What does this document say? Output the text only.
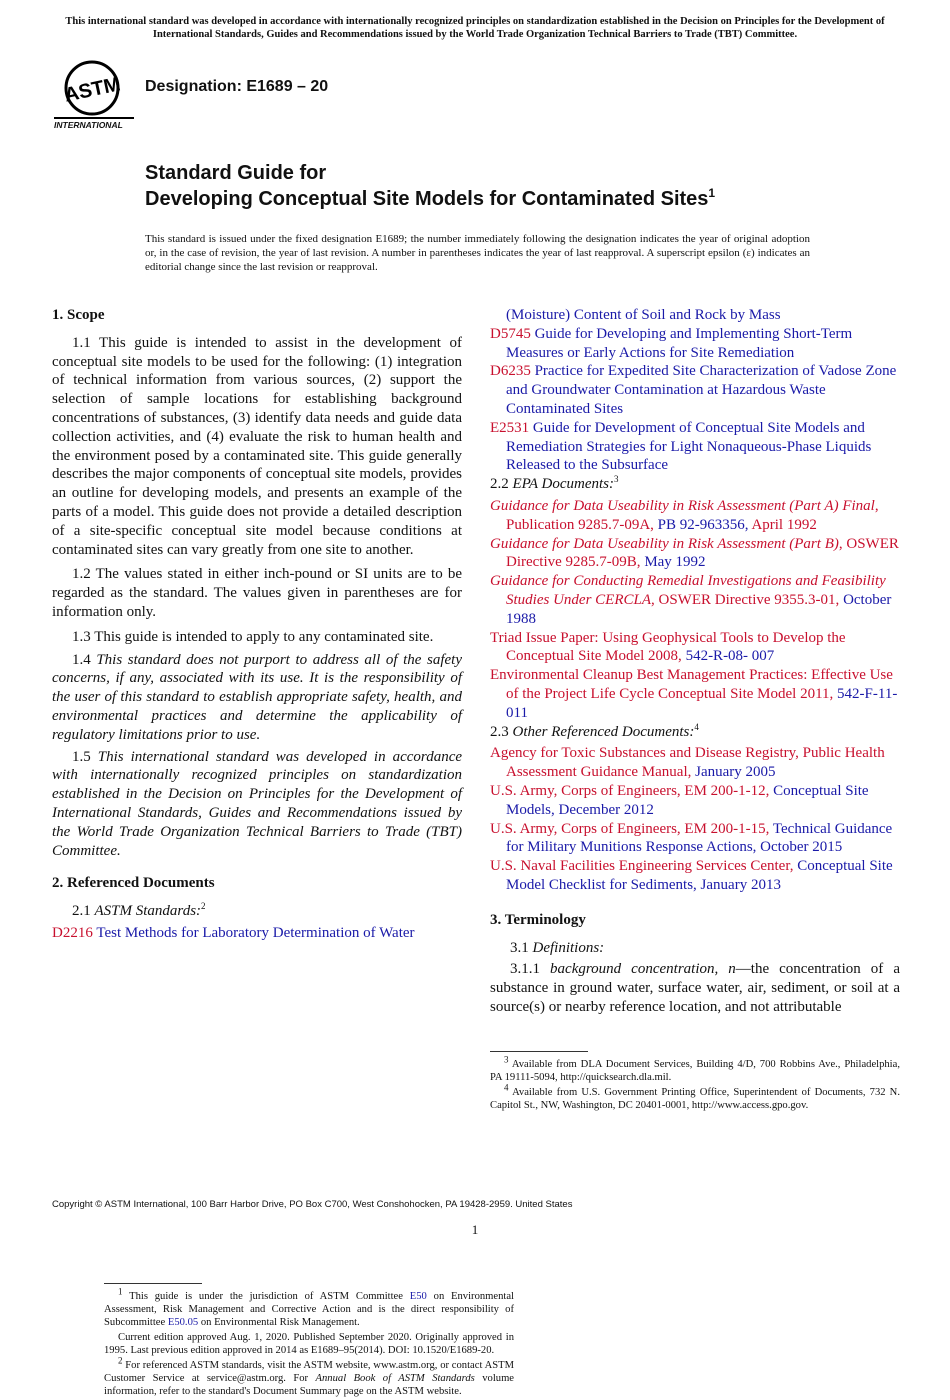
This international standard was developed in accordance with internationally recognized principles on standardization established in the Decision on Principles for the Development of International Standards, Guides and Recommendations issued by the World Trade Organization Technical Barriers to Trade (TBT) Committee.
ASTM
INTERNATIONAL
Designation: E1689 – 20
Standard Guide for
Developing Conceptual Site Models for Contaminated Sites$^1$
This standard is issued under the fixed designation E1689; the number immediately following the designation indicates the year of original adoption or, in the case of revision, the year of last revision. A number in parentheses indicates the year of last reapproval. A superscript epsilon (ε) indicates an editorial change since the last revision or reapproval.
1. Scope
1.1 This guide is intended to assist in the development of conceptual site models to be used for the following: (1) integration of technical information from various sources, (2) support the selection of sample locations for establishing background concentrations of substances, (3) identify data needs and guide data collection activities, and (4) evaluate the risk to human health and the environment posed by a contaminated site. This guide generally describes the major components of conceptual site models, provides an outline for developing models, and presents an example of the parts of a model. This guide does not provide a detailed description of a site-specific conceptual site model because conditions at contaminated sites can vary greatly from one site to another.
1.2 The values stated in either inch-pound or SI units are to be regarded as the standard. The values given in parentheses are for information only.
1.3 This guide is intended to apply to any contaminated site.
1.4 This standard does not purport to address all of the safety concerns, if any, associated with its use. It is the responsibility of the user of this standard to establish appropriate safety, health, and environmental practices and determine the applicability of regulatory limitations prior to use.
1.5 This international standard was developed in accordance with internationally recognized principles on standardization established in the Decision on Principles for the Development of International Standards, Guides and Recommendations issued by the World Trade Organization Technical Barriers to Trade (TBT) Committee.
2. Referenced Documents
2.1 ASTM Standards:$^2$
D2216 Test Methods for Laboratory Determination of Water
$^1$ This guide is under the jurisdiction of ASTM Committee E50 on Environmental Assessment, Risk Management and Corrective Action and is the direct responsibility of Subcommittee E50.05 on Environmental Risk Management.
Current edition approved Aug. 1, 2020. Published September 2020. Originally approved in 1995. Last previous edition approved in 2014 as E1689–95(2014). DOI: 10.1520/E1689-20.
$^2$ For referenced ASTM standards, visit the ASTM website, www.astm.org, or contact ASTM Customer Service at service@astm.org. For Annual Book of ASTM Standards volume information, refer to the standard's Document Summary page on the ASTM website.
(Moisture) Content of Soil and Rock by Mass
D5745 Guide for Developing and Implementing Short-Term Measures or Early Actions for Site Remediation
D6235 Practice for Expedited Site Characterization of Vadose Zone and Groundwater Contamination at Hazardous Waste Contaminated Sites
E2531 Guide for Development of Conceptual Site Models and Remediation Strategies for Light Nonaqueous-Phase Liquids Released to the Subsurface
2.2 EPA Documents:$^3$
Guidance for Data Useability in Risk Assessment (Part A) Final, Publication 9285.7-09A, PB 92-963356, April 1992
Guidance for Data Useability in Risk Assessment (Part B), OSWER Directive 9285.7-09B, May 1992
Guidance for Conducting Remedial Investigations and Feasibility Studies Under CERCLA, OSWER Directive 9355.3-01, October 1988
Triad Issue Paper: Using Geophysical Tools to Develop the Conceptual Site Model 2008, 542-R-08- 007
Environmental Cleanup Best Management Practices: Effective Use of the Project Life Cycle Conceptual Site Model 2011, 542-F-11-011
2.3 Other Referenced Documents:$^4$
Agency for Toxic Substances and Disease Registry, Public Health Assessment Guidance Manual, January 2005
U.S. Army, Corps of Engineers, EM 200-1-12, Conceptual Site Models, December 2012
U.S. Army, Corps of Engineers, EM 200-1-15, Technical Guidance for Military Munitions Response Actions, October 2015
U.S. Naval Facilities Engineering Services Center, Conceptual Site Model Checklist for Sediments, January 2013
3. Terminology
3.1 Definitions:
3.1.1 background concentration, n—the concentration of a substance in ground water, surface water, air, sediment, or soil at a source(s) or nearby reference location, and not attributable
$^3$ Available from DLA Document Services, Building 4/D, 700 Robbins Ave., Philadelphia, PA 19111-5094, http://quicksearch.dla.mil.
$^4$ Available from U.S. Government Printing Office, Superintendent of Documents, 732 N. Capitol St., NW, Washington, DC 20401-0001, http://www.access.gpo.gov.
Copyright © ASTM International, 100 Barr Harbor Drive, PO Box C700, West Conshohocken, PA 19428-2959. United States
1
